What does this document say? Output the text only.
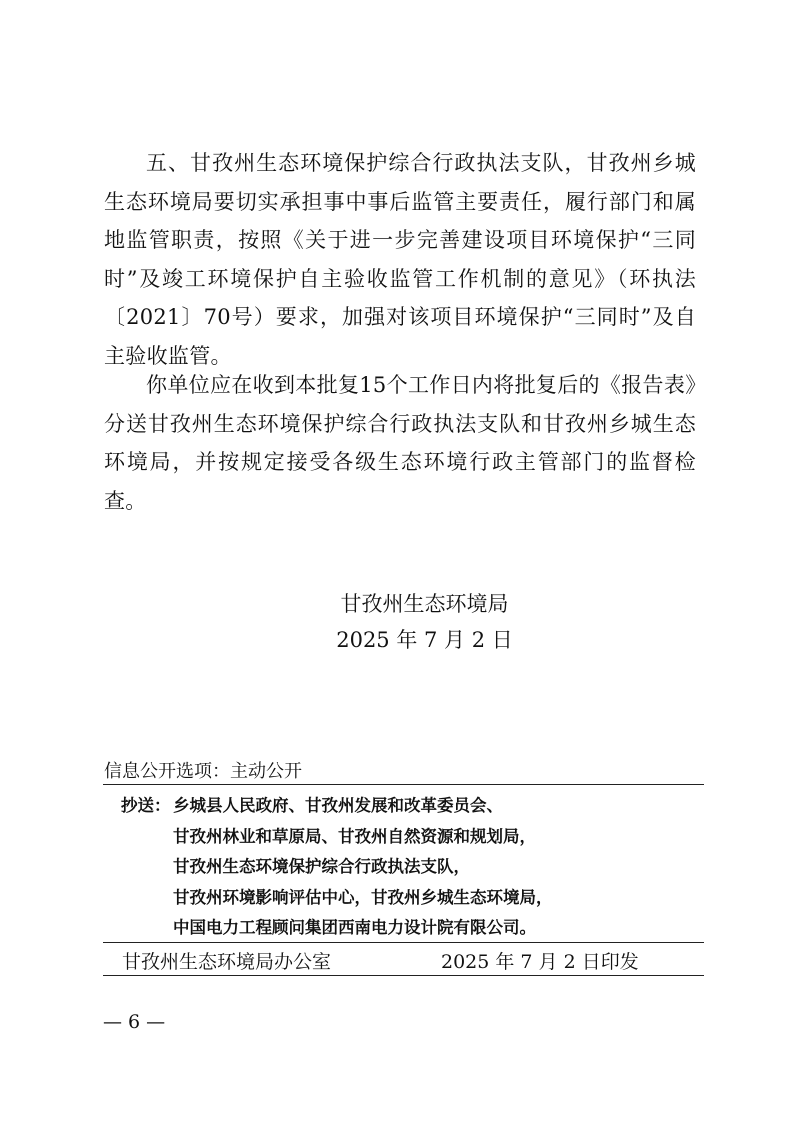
五、甘孜州生态环境保护综合行政执法支队，甘孜州乡城生态环境局要切实承担事中事后监管主要责任，履行部门和属地监管职责，按照《关于进一步完善建设项目环境保护“三同时”及竣工环境保护自主验收监管工作机制的意见》（环执法〔2021〕70号）要求，加强对该项目环境保护“三同时”及自主验收监管。

你单位应在收到本批复15个工作日内将批复后的《报告表》分送甘孜州生态环境保护综合行政执法支队和甘孜州乡城生态环境局，并按规定接受各级生态环境行政主管部门的监督检查。

甘孜州生态环境局
2025 年 7 月 2 日
信息公开选项：主动公开
抄送： 乡城县人民政府、甘孜州发展和改革委员会、
甘孜州林业和草原局、甘孜州自然资源和规划局，
甘孜州生态环境保护综合行政执法支队，
甘孜州环境影响评估中心，甘孜州乡城生态环境局，
中国电力工程顾问集团西南电力设计院有限公司。
甘孜州生态环境局办公室	2025 年 7 月 2 日印发
— 6 —
